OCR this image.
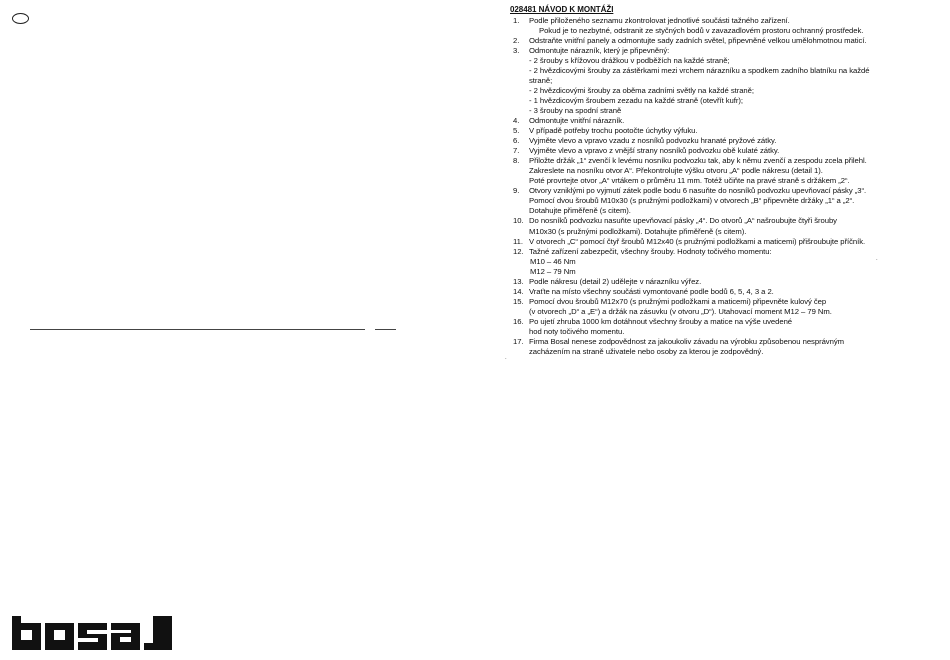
028481 NÁVOD K MONTÁŽI
1. Podle přiloženého seznamu zkontrolovat jednotlivé součásti tažného zařízení.
Pokud je to nezbytné, odstranit ze styčných bodů v zavazadlovém prostoru ochranný prostředek.
2. Odstraňte vnitřní panely a odmontujte sady zadních světel, připevněné velkou umělohmotnou maticí.
3. Odmontujte nárazník, který je připevněný:
- 2 šrouby s křížovou drážkou v podběžích na každé straně;
- 2 hvězdicovými šrouby za zástěrkami mezi vrchem nárazníku a spodkem zadního blatníku na každé
straně;
- 2 hvězdicovými šrouby za oběma zadními světly na každé straně;
- 1 hvězdicovým šroubem zezadu na každé straně (otevřít kufr);
- 3 šrouby na spodní straně
4. Odmontujte vnitřní nárazník.
5. V případě potřeby trochu pootočte úchytky výfuku.
6. Vyjměte vlevo a vpravo vzadu z nosníků podvozku hranaté pryžové zátky.
7. Vyjměte vlevo a vpravo z vnější strany nosníků podvozku obě kulaté zátky.
8. Přiložte držák „1“ zvenčí k levému nosníku podvozku tak, aby k němu zvenčí a zespodu zcela přilehl.
Zakreslete na nosníku otvor A“. Překontrolujte výšku otvoru „A“ podle nákresu (detail 1).
Poté provrtejte otvor „A“ vrtákem o průměru 11 mm. Totéž učiňte na pravé straně s držákem „2“.
9. Otvory vzniklými po vyjmutí zátek podle bodu 6 nasuňte do nosníků podvozku upevňovací pásky „3“.
Pomocí dvou šroubů M10x30 (s pružnými podložkami) v otvorech „B“ připevněte držáky „1“ a „2“.
Dotahujte přiměřeně (s citem).
10. Do nosníků podvozku nasuňte upevňovací pásky „4“. Do otvorů „A“ našroubujte čtyři šrouby
M10x30 (s pružnými podložkami). Dotahujte přiměřeně (s citem).
11. V otvorech „C“ pomocí čtyř šroubů M12x40 (s pružnými podložkami a maticemi) přišroubujte příčník.
12. Tažné zařízení zabezpečit, všechny šrouby. Hodnoty točivého momentu:
M10 – 46 Nm
M12 – 79 Nm
13. Podle nákresu (detail 2) udělejte v nárazníku výřez.
14. Vraťte na místo všechny součásti vymontované podle bodů 6, 5, 4, 3 a 2.
15. Pomocí dvou šroubů M12x70 (s pružnými podložkami a maticemi) připevněte kulový čep
(v otvorech „D“ a „E“) a držák na zásuvku (v otvoru „D“). Utahovací moment M12 – 79 Nm.
16. Po ujetí zhruba 1000 km dotáhnout všechny šrouby a matice na výše uvedené
hod noty točivého momentu.
17. Firma Bosal nenese zodpovědnost za jakoukoliv závadu na výrobku způsobenou nesprávným
zacházením na straně uživatele nebo osoby za kterou je zodpovědný.
.
.
